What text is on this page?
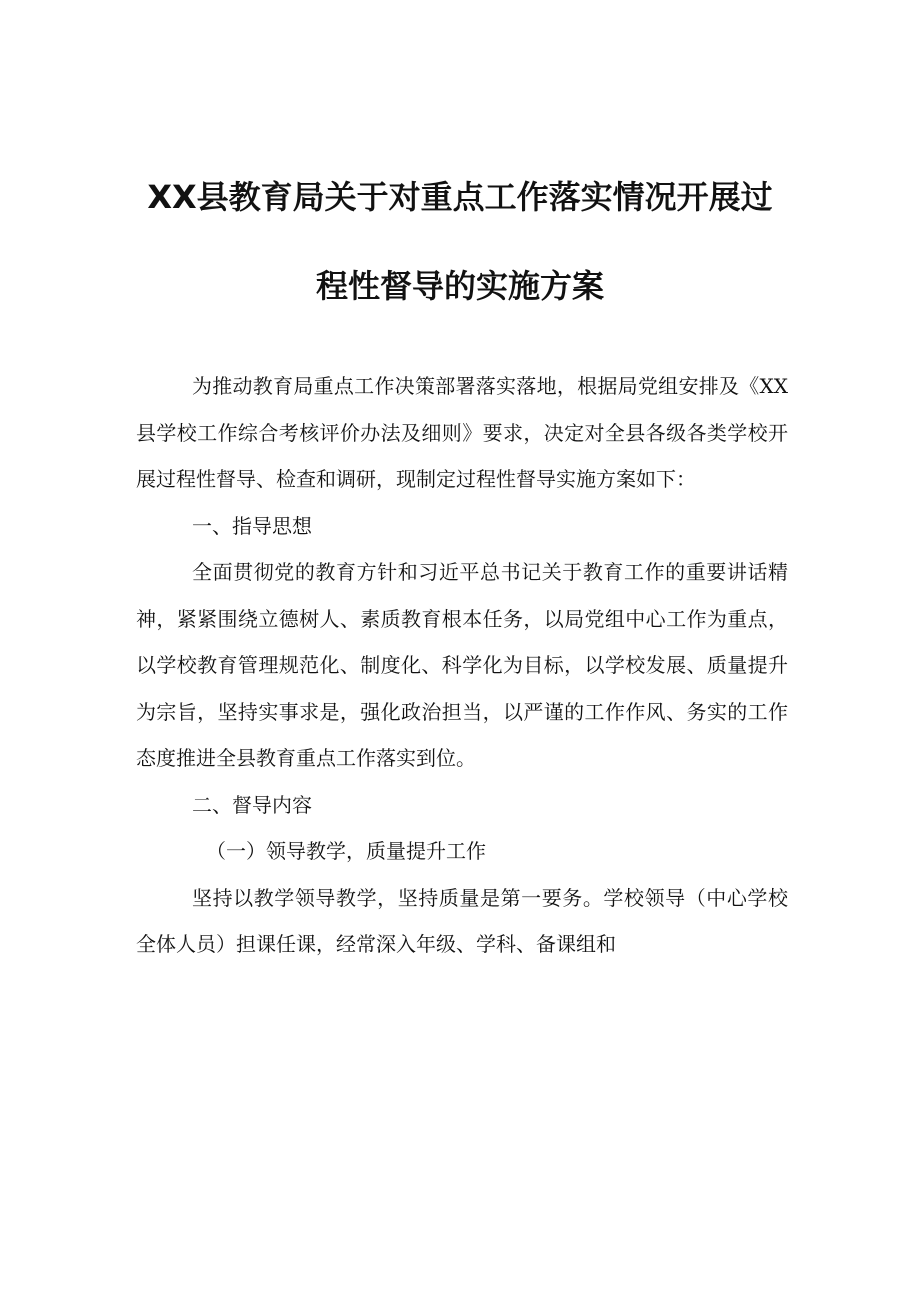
XX县教育局关于对重点工作落实情况开展过
程性督导的实施方案

为推动教育局重点工作决策部署落实落地，根据局党组安排及《XX县学校工作综合考核评价办法及细则》要求，决定对全县各级各类学校开展过程性督导、检查和调研，现制定过程性督导实施方案如下：

一、指导思想

全面贯彻党的教育方针和习近平总书记关于教育工作的重要讲话精神，紧紧围绕立德树人、素质教育根本任务，以局党组中心工作为重点，以学校教育管理规范化、制度化、科学化为目标，以学校发展、质量提升为宗旨，坚持实事求是，强化政治担当，以严谨的工作作风、务实的工作态度推进全县教育重点工作落实到位。

二、督导内容

（一）领导教学，质量提升工作

坚持以教学领导教学，坚持质量是第一要务。学校领导（中心学校全体人员）担课任课，经常深入年级、学科、备课组和
